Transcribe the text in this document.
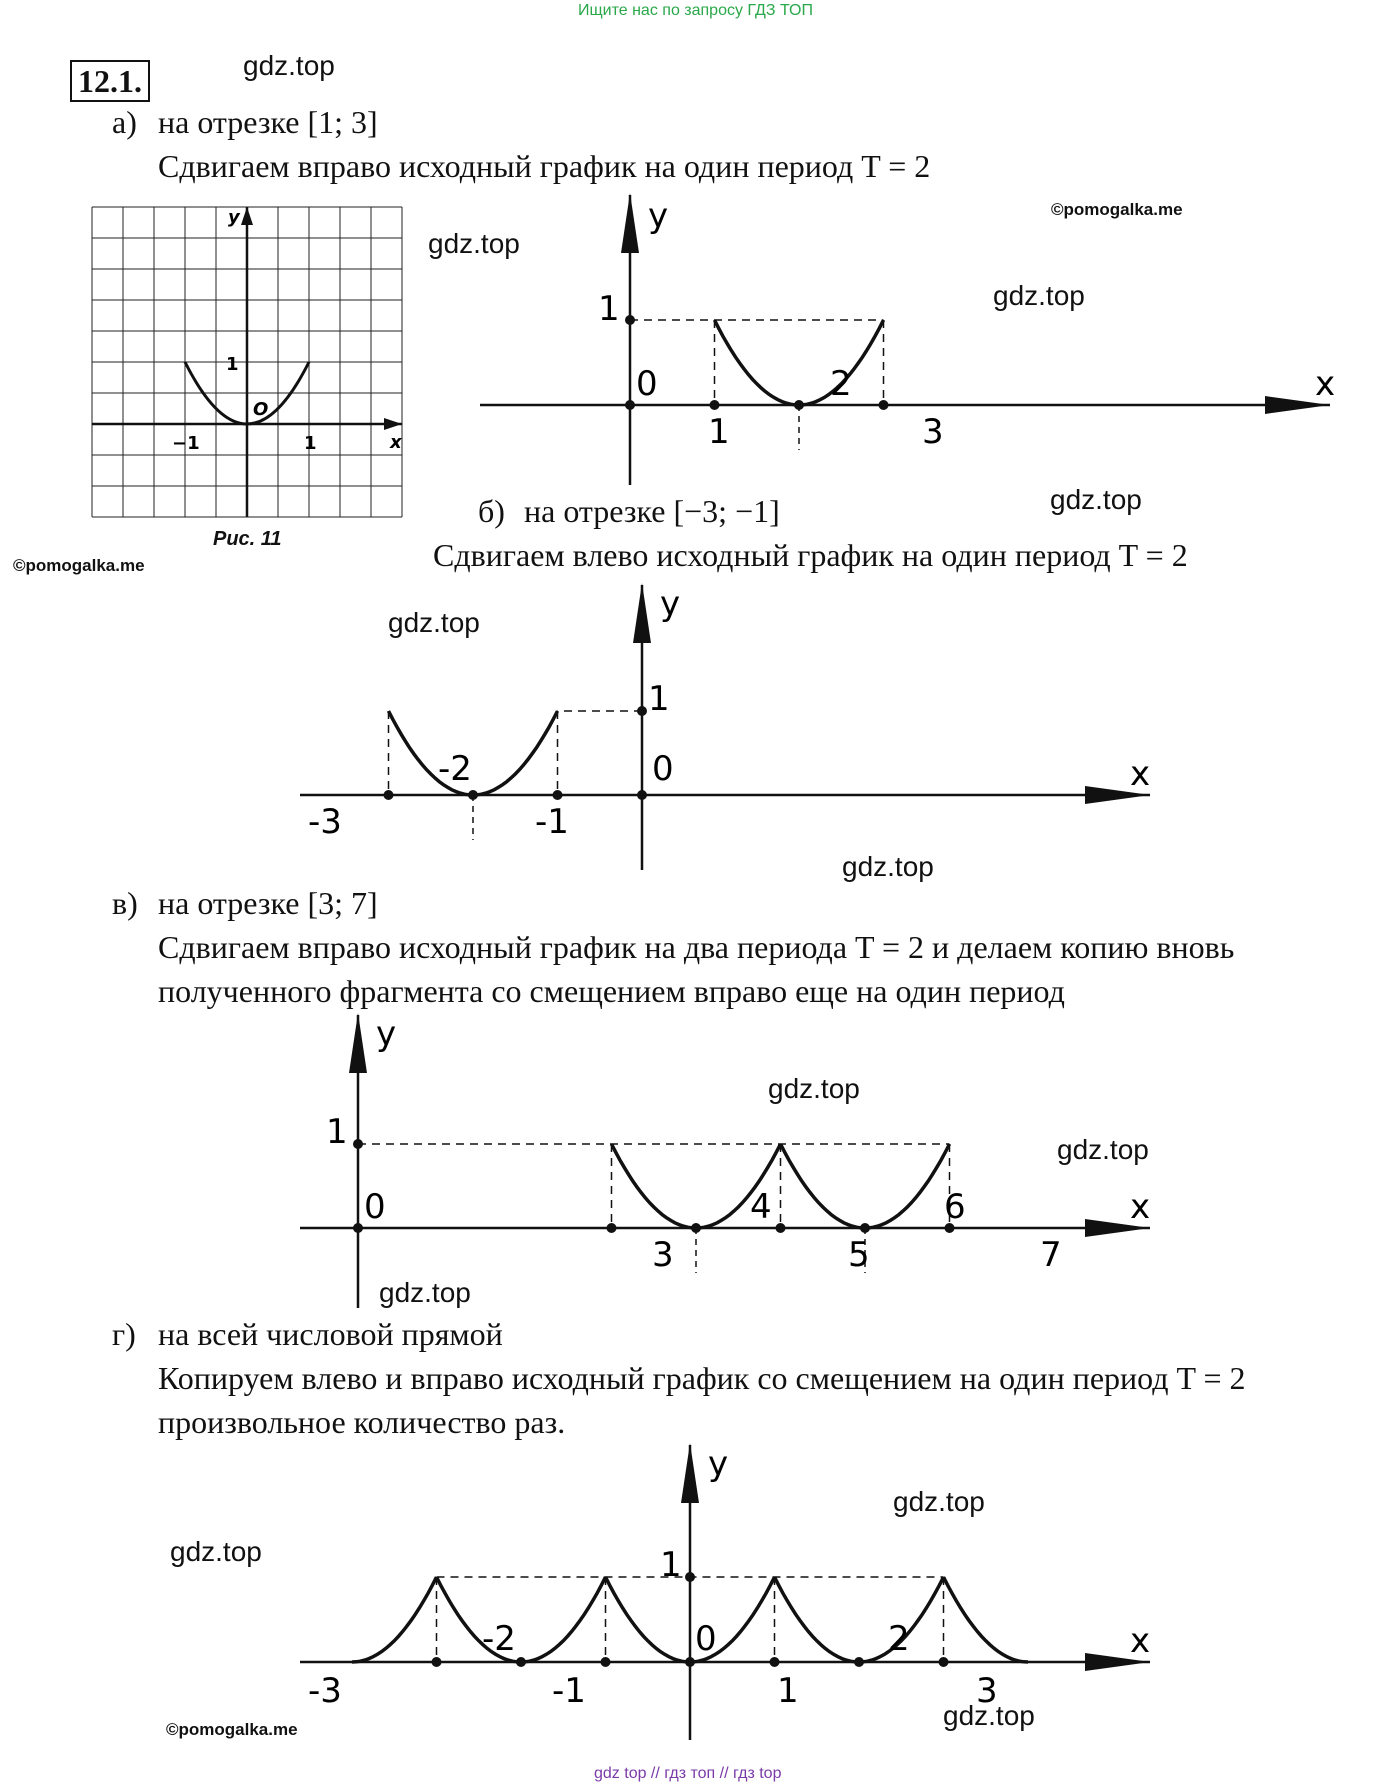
Ищите нас по запросу ГДЗ ТОП
12.1.	gdz.top
а) на отрезке [1; 3]
Сдвигаем вправо исходный график на один период T = 2
y
x
1
O
−1	1
Рис. 11
©pomogalka.me
y
x
1
0
1
2
3
gdz.top
©pomogalka.me
gdz.top
б) на отрезке [−3; −1]	gdz.top
Сдвигаем влево исходный график на один период T = 2
y
x
1
-3
-2
-1
0
gdz.top
gdz.top
в) на отрезке [3; 7]
Сдвигаем вправо исходный график на два периода T = 2 и делаем копию вновь
полученного фрагмента со смещением вправо еще на один период
y
x
1
0
3
4
5
6
7
gdz.top
gdz.top
gdz.top
г) на всей числовой прямой
Копируем влево и вправо исходный график со смещением на один период T = 2
произвольное количество раз.
y
x
1
-3
-2
-1
0
1
2
3
gdz.top
gdz.top
©pomogalka.me	gdz.top
gdz top // гдз топ // гдз top
